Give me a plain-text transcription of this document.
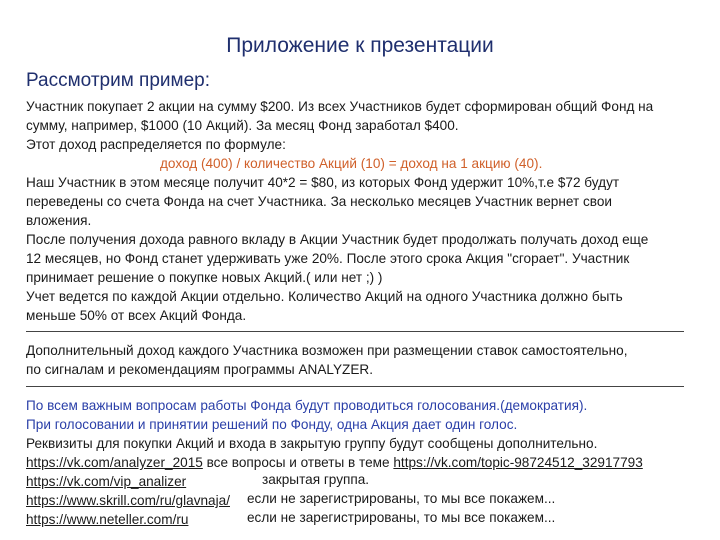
Приложение к презентации
Рассмотрим пример:
Участник покупает 2 акции на сумму $200. Из всех Участников будет сформирован общий Фонд на
сумму, например, $1000 (10 Акций). За месяц Фонд заработал $400.
Этот доход распределяется по формуле:
доход (400) / количество Акций (10) = доход на 1 акцию (40).
Наш Участник в этом месяце получит 40*2 = $80, из которых Фонд удержит 10%,т.е $72 будут
переведены со счета Фонда на счет Участника. За несколько месяцев Участник вернет свои
вложения.
После получения дохода равного вкладу в Акции Участник будет продолжать получать доход еще
12 месяцев, но Фонд станет удерживать уже 20%. После этого срока Акция "сгорает". Участник
принимает решение о покупке новых Акций.( или нет ;) )
Учет ведется по каждой Акции отдельно. Количество Акций на одного Участника должно быть
меньше 50% от всех Акций Фонда.
Дополнительный доход каждого Участника возможен при размещении ставок самостоятельно,
по сигналам и рекомендациям программы ANALYZER.
По всем важным вопросам работы Фонда будут проводиться голосования.(демократия).
При голосовании и принятии решений по Фонду, одна Акция дает один голос.
Реквизиты для покупки Акций и входа в закрытую группу будут сообщены дополнительно.
https://vk.com/analyzer_2015 все вопросы и ответы в теме https://vk.com/topic-98724512_32917793
https://vk.com/vip_analizer	закрытая группа.
https://www.skrill.com/ru/glavnaja/ если не зарегистрированы, то мы все покажем...
https://www.neteller.com/ru	если не зарегистрированы, то мы все покажем...
